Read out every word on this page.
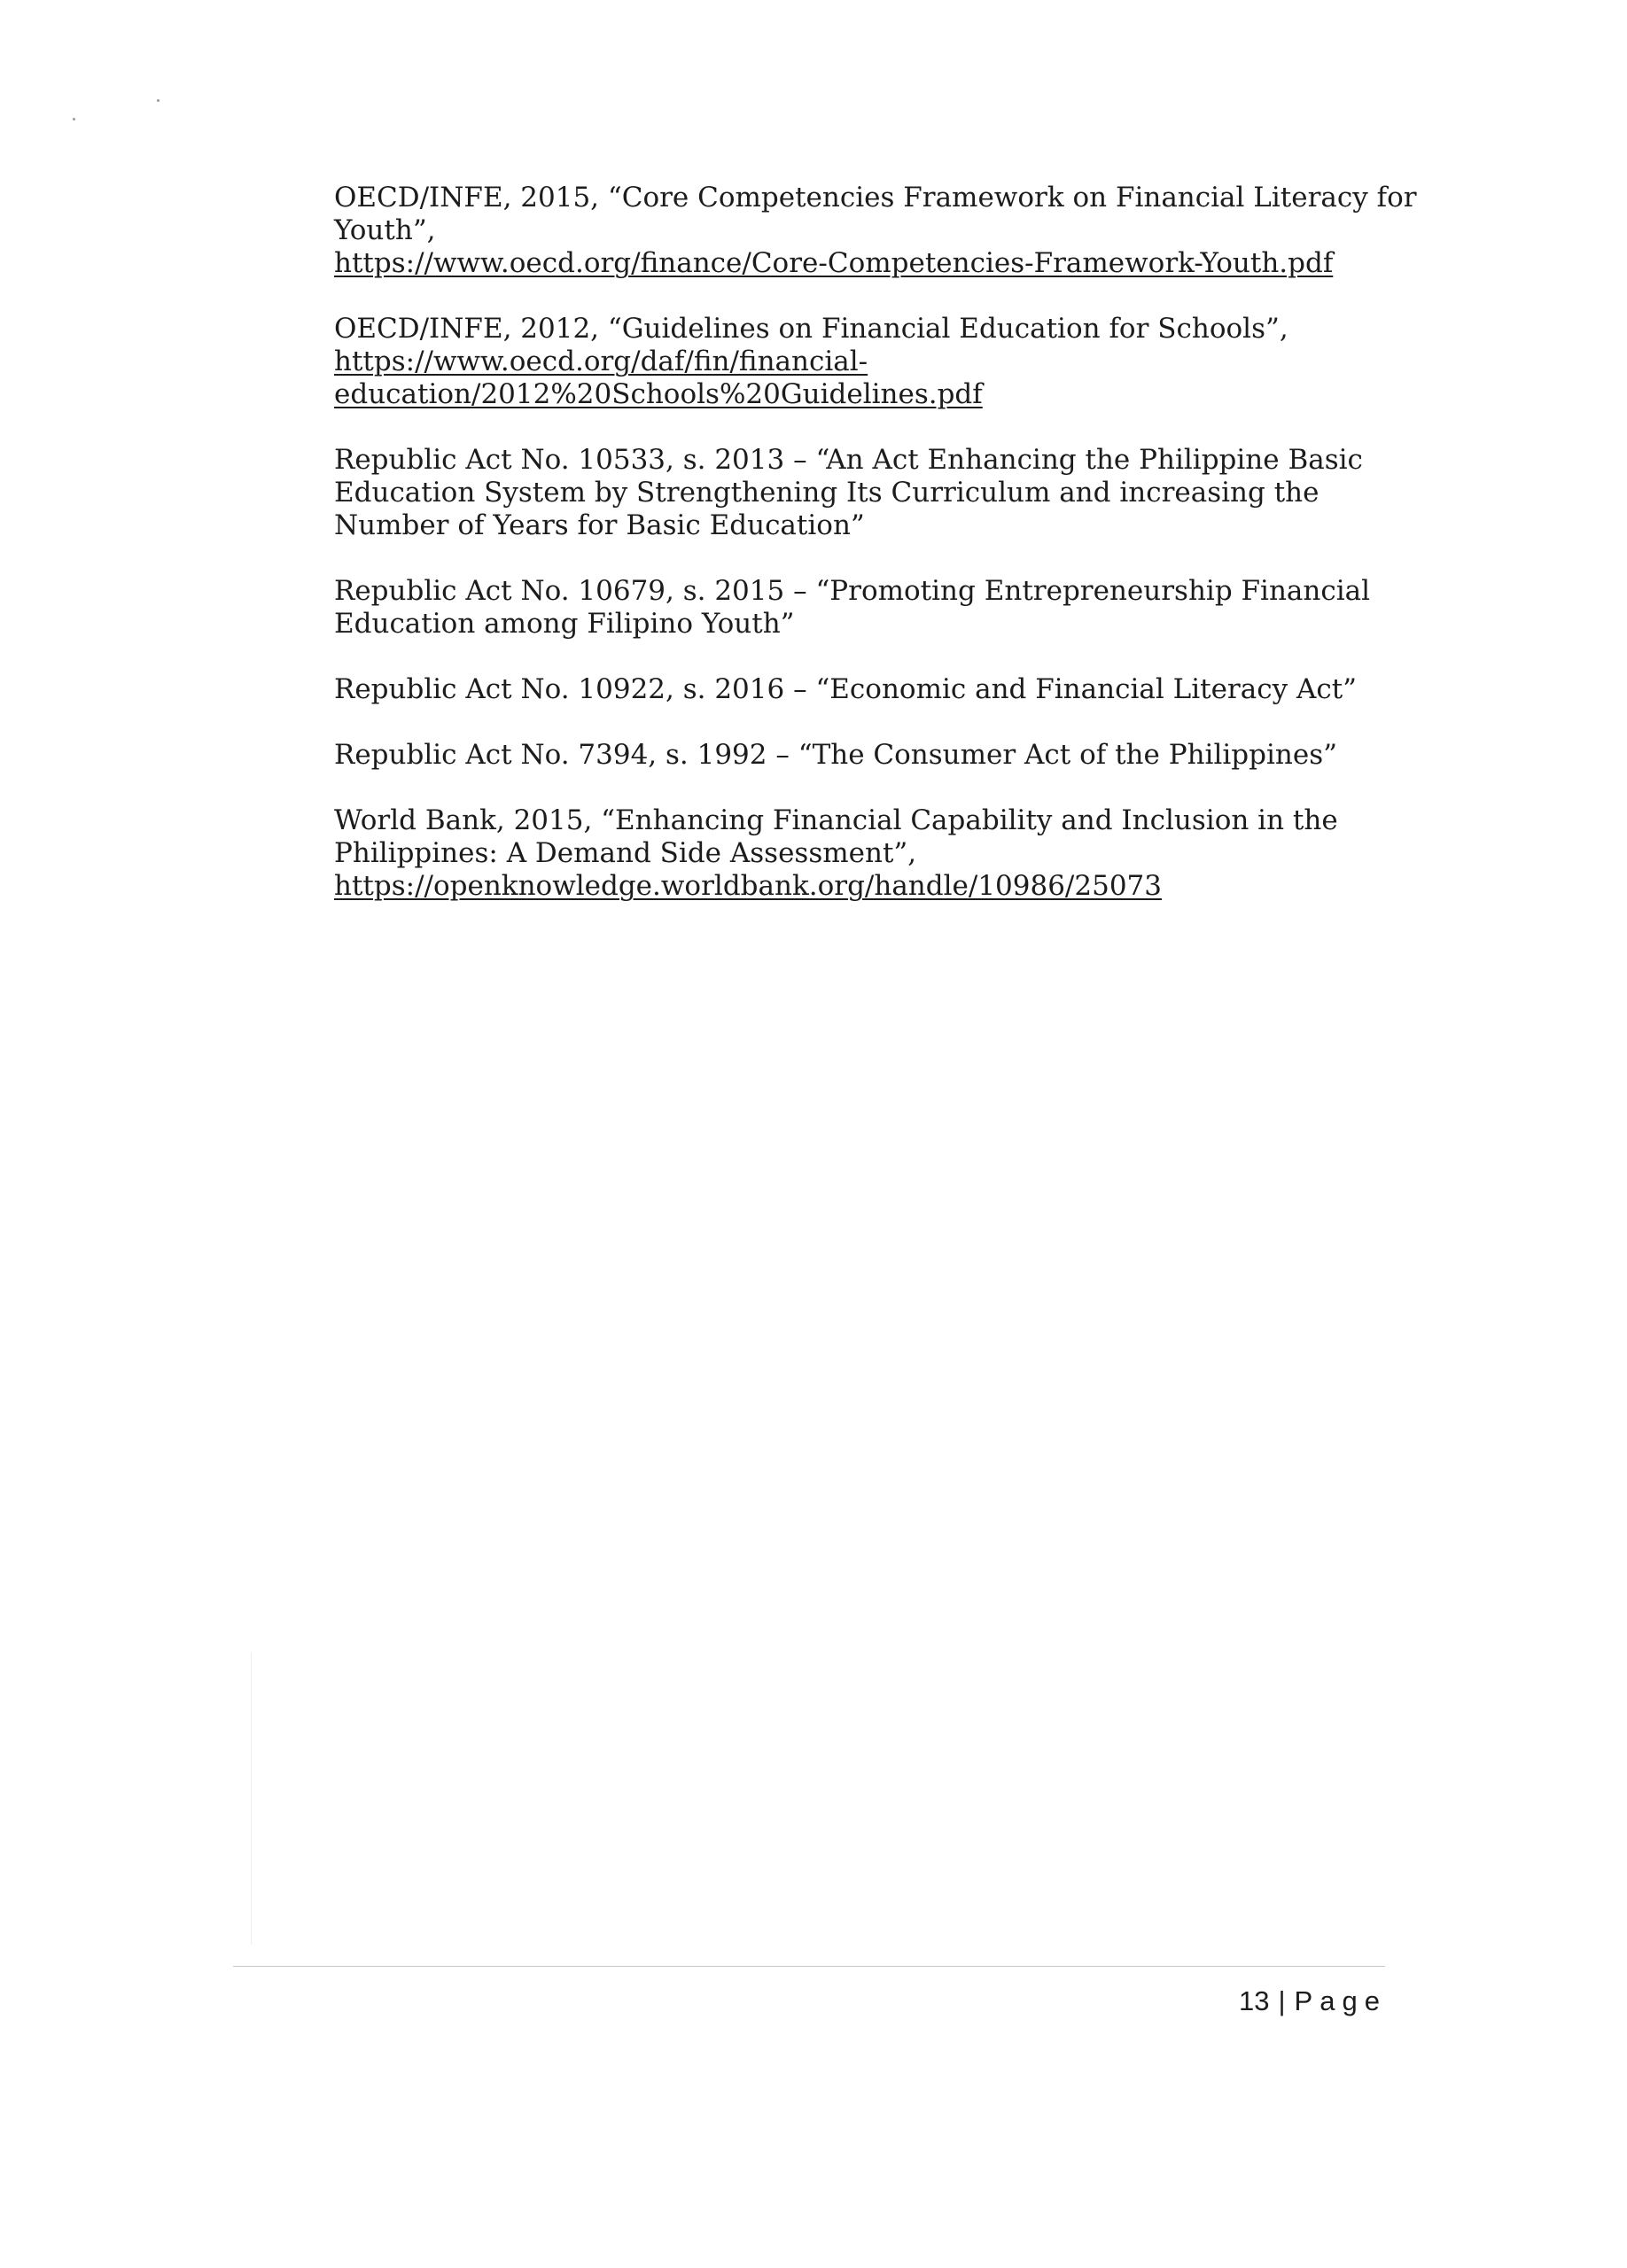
OECD/INFE, 2015, “Core Competencies Framework on Financial Literacy for
Youth”,
https://www.oecd.org/finance/Core-Competencies-Framework-Youth.pdf
OECD/INFE, 2012, “Guidelines on Financial Education for Schools”,
https://www.oecd.org/daf/fin/financial-
education/2012%20Schools%20Guidelines.pdf
Republic Act No. 10533, s. 2013 – “An Act Enhancing the Philippine Basic
Education System by Strengthening Its Curriculum and increasing the
Number of Years for Basic Education”
Republic Act No. 10679, s. 2015 – “Promoting Entrepreneurship Financial
Education among Filipino Youth”
Republic Act No. 10922, s. 2016 – “Economic and Financial Literacy Act”
Republic Act No. 7394, s. 1992 – “The Consumer Act of the Philippines”
World Bank, 2015, “Enhancing Financial Capability and Inclusion in the
Philippines: A Demand Side Assessment”,
https://openknowledge.worldbank.org/handle/10986/25073
13 | Page
